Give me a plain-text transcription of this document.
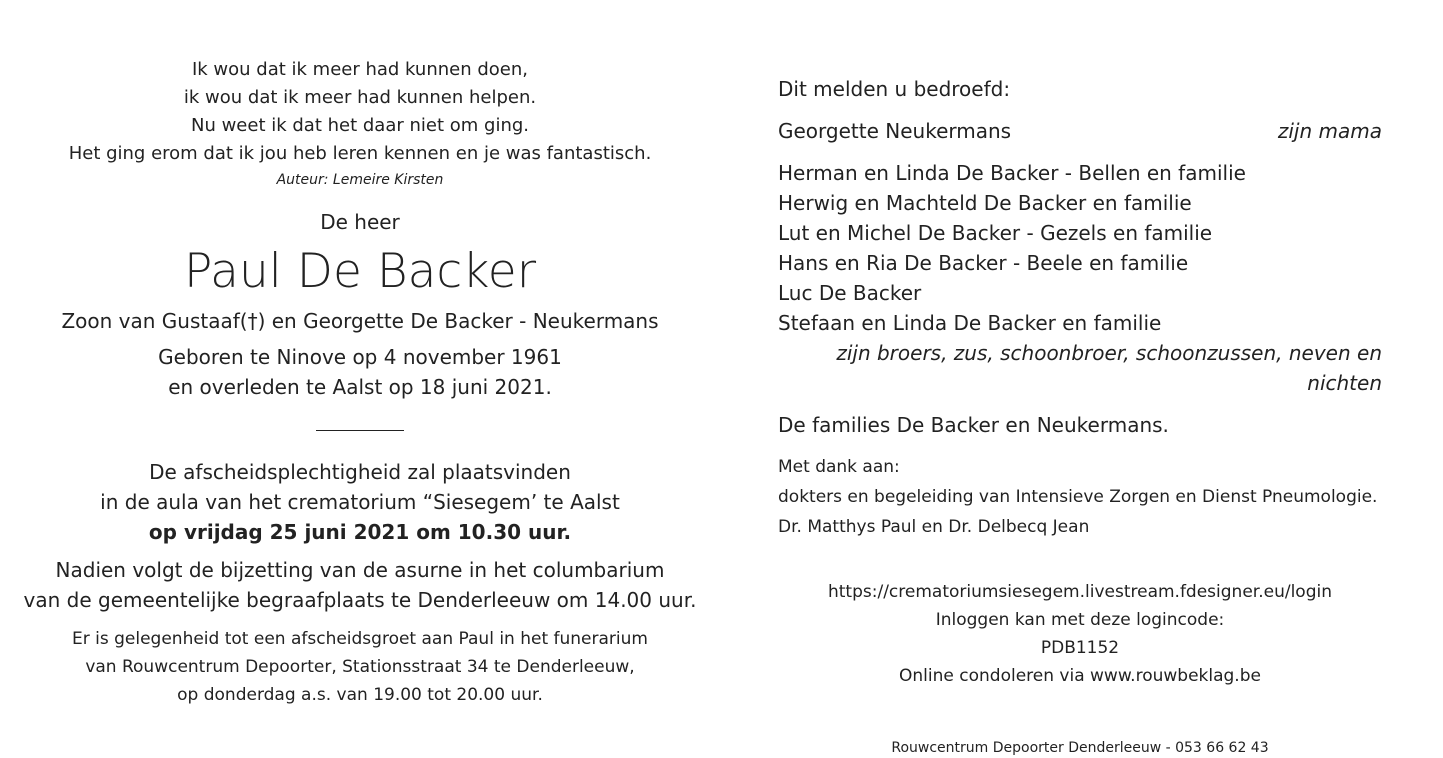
Ik wou dat ik meer had kunnen doen,
ik wou dat ik meer had kunnen helpen.
Nu weet ik dat het daar niet om ging.
Het ging erom dat ik jou heb leren kennen en je was fantastisch.
Auteur: Lemeire Kirsten
De heer
Paul De Backer
Zoon van Gustaaf(†) en Georgette De Backer - Neukermans
Geboren te Ninove op 4 november 1961
en overleden te Aalst op 18 juni 2021.
De afscheidsplechtigheid zal plaatsvinden
in de aula van het crematorium “Siesegem’ te Aalst
op vrijdag 25 juni 2021 om 10.30 uur.
Nadien volgt de bijzetting van de asurne in het columbarium
van de gemeentelijke begraafplaats te Denderleeuw om 14.00 uur.
Er is gelegenheid tot een afscheidsgroet aan Paul in het funerarium
van Rouwcentrum Depoorter, Stationsstraat 34 te Denderleeuw,
op donderdag a.s. van 19.00 tot 20.00 uur.
Dit melden u bedroefd:
Georgette Neukermans	zijn mama
Herman en Linda De Backer - Bellen en familie
Herwig en Machteld De Backer en familie
Lut en Michel De Backer - Gezels en familie
Hans en Ria De Backer - Beele en familie
Luc De Backer
Stefaan en Linda De Backer en familie
zijn broers, zus, schoonbroer, schoonzussen, neven en nichten
De families De Backer en Neukermans.
Met dank aan:
dokters en begeleiding van Intensieve Zorgen en Dienst Pneumologie.
Dr. Matthys Paul en Dr. Delbecq Jean
https://crematoriumsiesegem.livestream.fdesigner.eu/login
Inloggen kan met deze logincode:
PDB1152
Online condoleren via www.rouwbeklag.be
Rouwcentrum Depoorter Denderleeuw - 053 66 62 43
